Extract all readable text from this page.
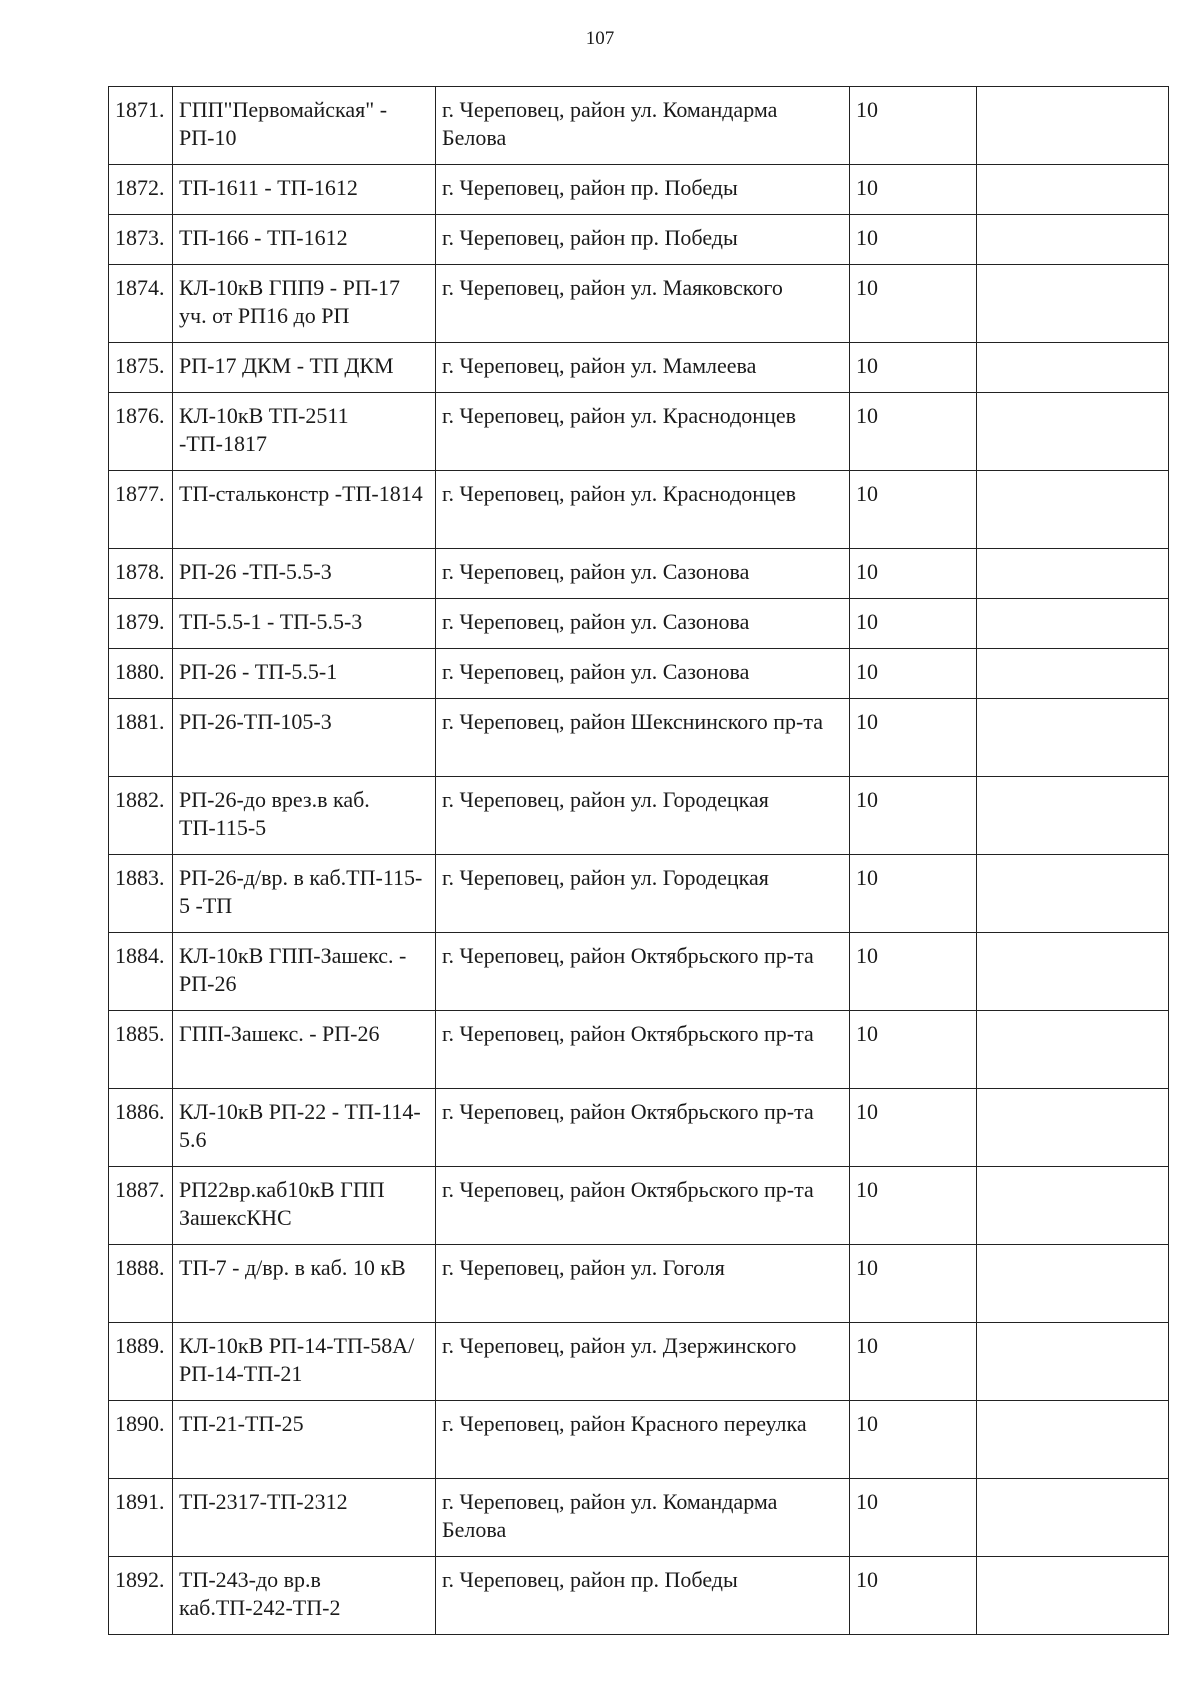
107
1871.	ГПП"Первомайская" - РП-10	г. Череповец, район ул. Командарма Белова	10	
1872.	ТП-1611 - ТП-1612	г. Череповец, район пр. Победы	10	
1873.	ТП-166 - ТП-1612	г. Череповец, район пр. Победы	10	
1874.	КЛ-10кВ ГПП9 - РП-17 уч. от РП16 до РП	г. Череповец, район ул. Маяковского	10	
1875.	РП-17 ДКМ - ТП ДКМ	г. Череповец, район ул. Мамлеева	10	
1876.	КЛ-10кВ ТП-2511 -ТП-1817	г. Череповец, район ул. Краснодонцев	10	
1877.	ТП-стальконстр -ТП-1814	г. Череповец, район ул. Краснодонцев	10	
1878.	РП-26 -ТП-5.5-3	г. Череповец, район ул. Сазонова	10	
1879.	ТП-5.5-1 - ТП-5.5-3	г. Череповец, район ул. Сазонова	10	
1880.	РП-26 - ТП-5.5-1	г. Череповец, район ул. Сазонова	10	
1881.	РП-26-ТП-105-3	г. Череповец, район Шекснинского пр-та	10	
1882.	РП-26-до врез.в каб. ТП-115-5	г. Череповец, район ул. Городецкая	10	
1883.	РП-26-д/вр. в каб.ТП-115-5 -ТП	г. Череповец, район ул. Городецкая	10	
1884.	КЛ-10кВ ГПП-Зашекс. - РП-26	г. Череповец, район Октябрьского пр-та	10	
1885.	ГПП-Зашекс. - РП-26	г. Череповец, район Октябрьского пр-та	10	
1886.	КЛ-10кВ РП-22 - ТП-114-5.6	г. Череповец, район Октябрьского пр-та	10	
1887.	РП22вр.каб10кВ ГПП ЗашексКНС	г. Череповец, район Октябрьского пр-та	10	
1888.	ТП-7 - д/вр. в каб. 10 кВ	г. Череповец, район ул. Гоголя	10	
1889.	КЛ-10кВ РП-14-ТП-58А/РП-14-ТП-21	г. Череповец, район ул. Дзержинского	10	
1890.	ТП-21-ТП-25	г. Череповец, район Красного переулка	10	
1891.	ТП-2317-ТП-2312	г. Череповец, район ул. Командарма Белова	10	
1892.	ТП-243-до вр.в каб.ТП-242-ТП-2	г. Череповец, район пр. Победы	10	
